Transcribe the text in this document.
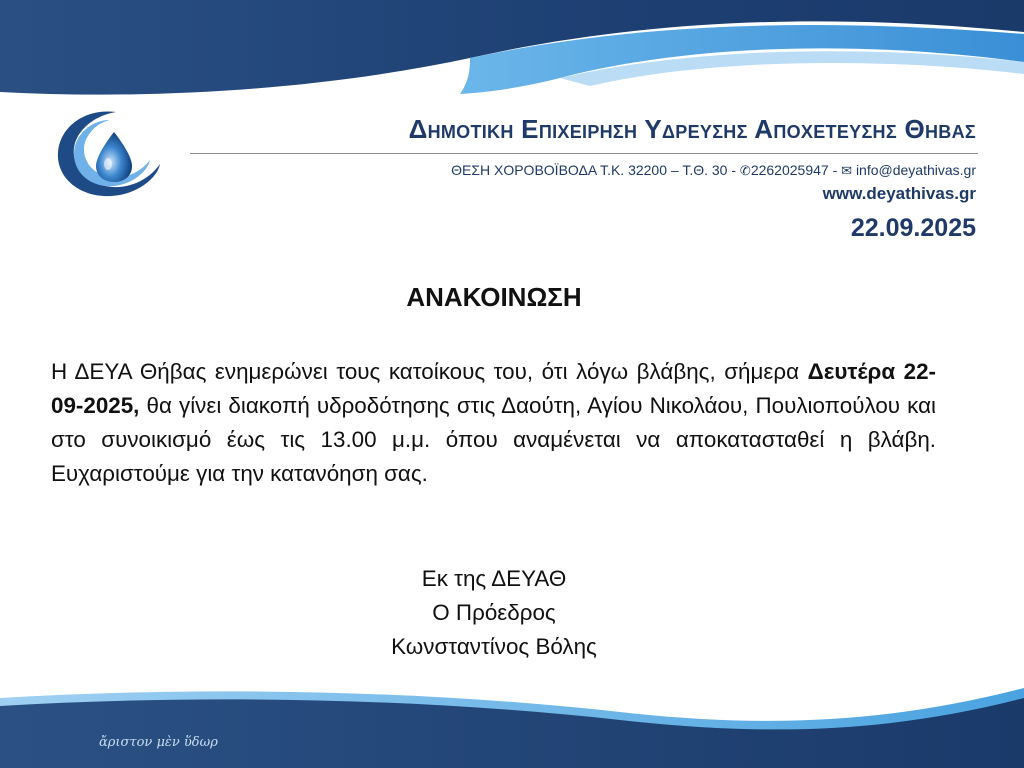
Δημοτικη Επιχειρηση Υδρευσης Αποχετευσης Θηβας
ΘΕΣΗ ΧΟΡΟΒΟΪΒΟΔΑ Τ.Κ. 32200 – Τ.Θ. 30 - ✆2262025947 - ✉ info@deyathivas.gr
www.deyathivas.gr
22.09.2025
ΑΝΑΚΟΙΝΩΣΗ
Η ΔΕΥΑ Θήβας ενημερώνει τους κατοίκους του, ότι λόγω βλάβης, σήμερα Δευτέρα 22-09-2025, θα γίνει διακοπή υδροδότησης στις Δαούτη, Αγίου Νικολάου, Πουλιοπούλου και στο συνοικισμό έως τις 13.00 μ.μ. όπου αναμένεται να αποκατασταθεί η βλάβη. Ευχαριστούμε για την κατανόηση σας.
Εκ της ΔΕΥΑΘ
Ο Πρόεδρος
Κωνσταντίνος Βόλης
ἄριστον μὲν ὕδωρ
